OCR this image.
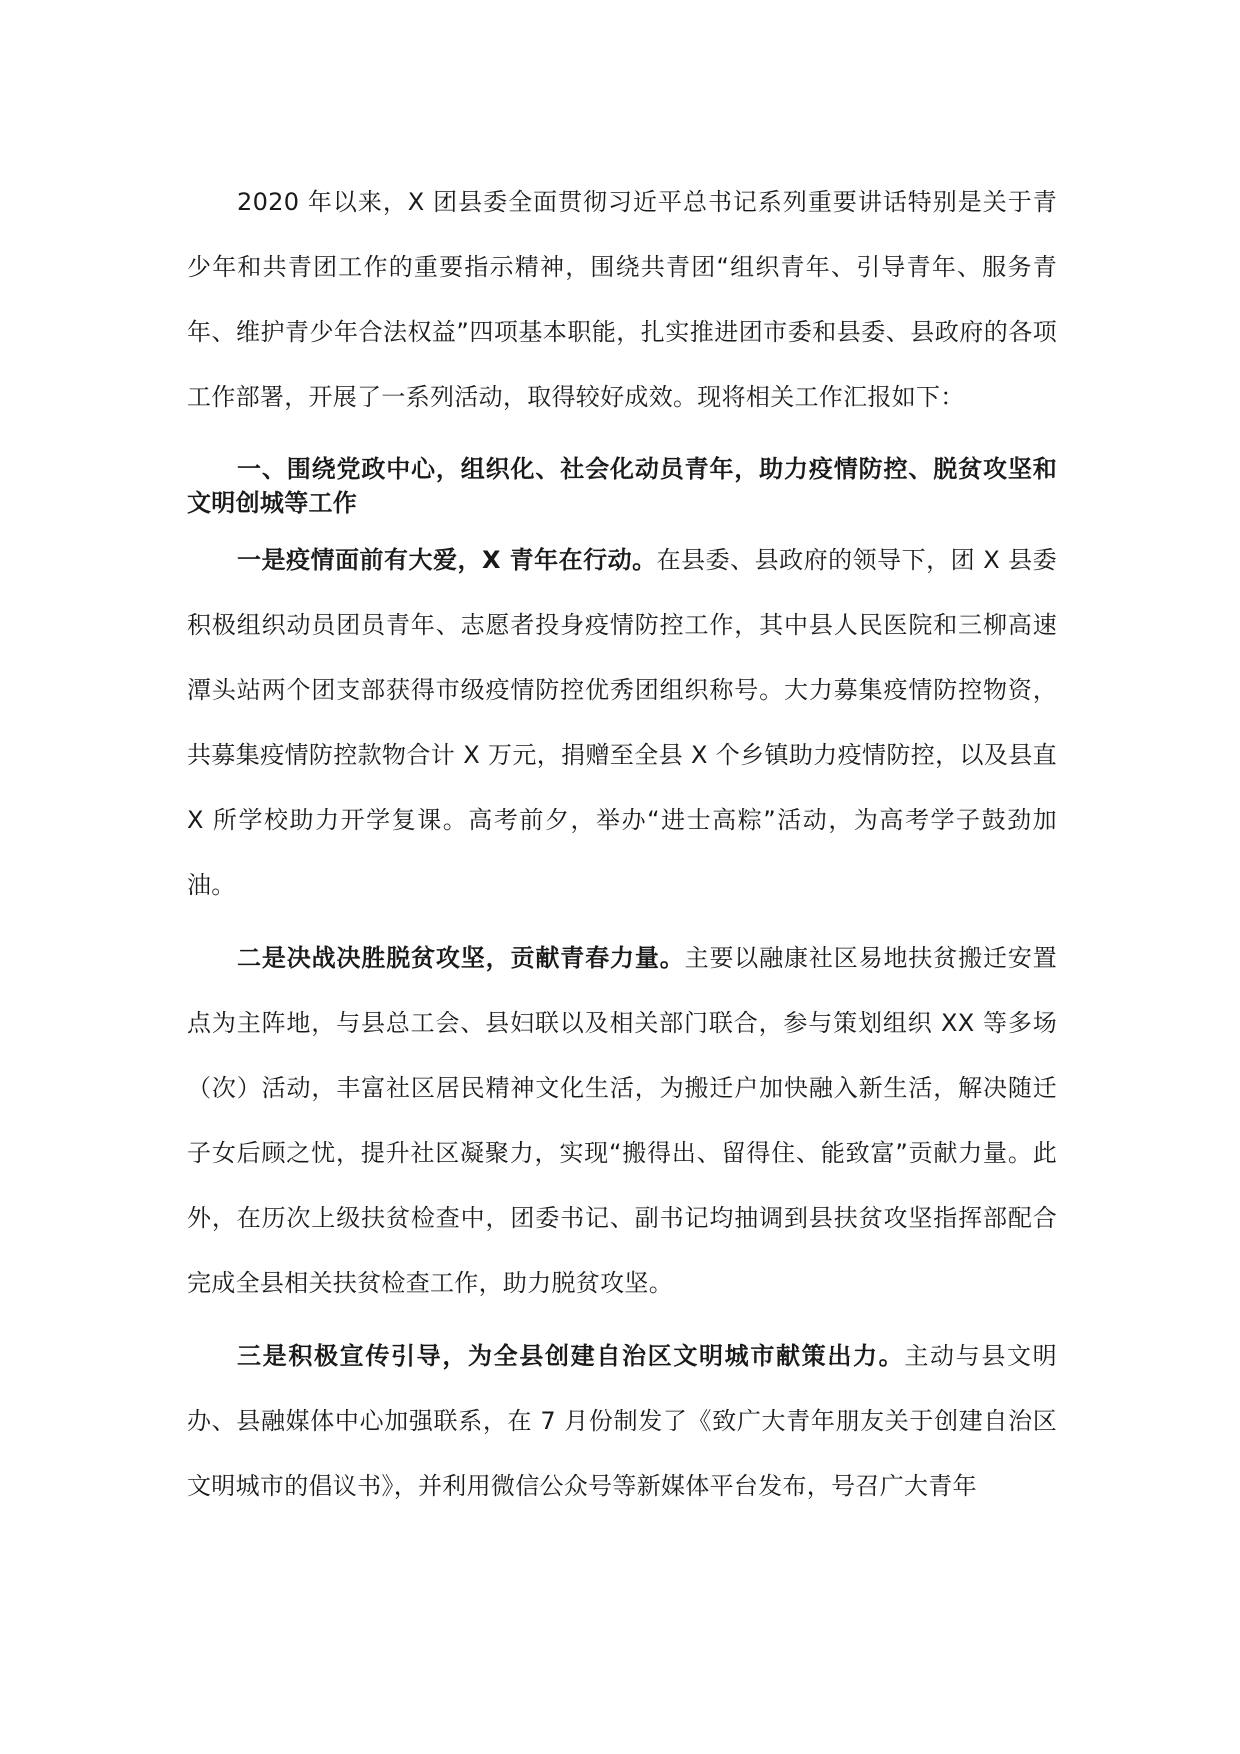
2020 年以来，X 团县委全面贯彻习近平总书记系列重要讲话特别是关于青少年和共青团工作的重要指示精神，围绕共青团“组织青年、引导青年、服务青年、维护青少年合法权益”四项基本职能，扎实推进团市委和县委、县政府的各项工作部署，开展了一系列活动，取得较好成效。现将相关工作汇报如下：

一、围绕党政中心，组织化、社会化动员青年，助力疫情防控、脱贫攻坚和文明创城等工作

一是疫情面前有大爱，X 青年在行动。在县委、县政府的领导下，团 X 县委积极组织动员团员青年、志愿者投身疫情防控工作，其中县人民医院和三柳高速潭头站两个团支部获得市级疫情防控优秀团组织称号。大力募集疫情防控物资，共募集疫情防控款物合计 X 万元，捐赠至全县 X 个乡镇助力疫情防控，以及县直 X 所学校助力开学复课。高考前夕，举办“进士高粽”活动，为高考学子鼓劲加油。

二是决战决胜脱贫攻坚，贡献青春力量。主要以融康社区易地扶贫搬迁安置点为主阵地，与县总工会、县妇联以及相关部门联合，参与策划组织 XX 等多场（次）活动，丰富社区居民精神文化生活，为搬迁户加快融入新生活，解决随迁子女后顾之忧，提升社区凝聚力，实现“搬得出、留得住、能致富”贡献力量。此外，在历次上级扶贫检查中，团委书记、副书记均抽调到县扶贫攻坚指挥部配合完成全县相关扶贫检查工作，助力脱贫攻坚。

三是积极宣传引导，为全县创建自治区文明城市献策出力。主动与县文明办、县融媒体中心加强联系，在 7 月份制发了《致广大青年朋友关于创建自治区文明城市的倡议书》，并利用微信公众号等新媒体平台发布，号召广大青年
